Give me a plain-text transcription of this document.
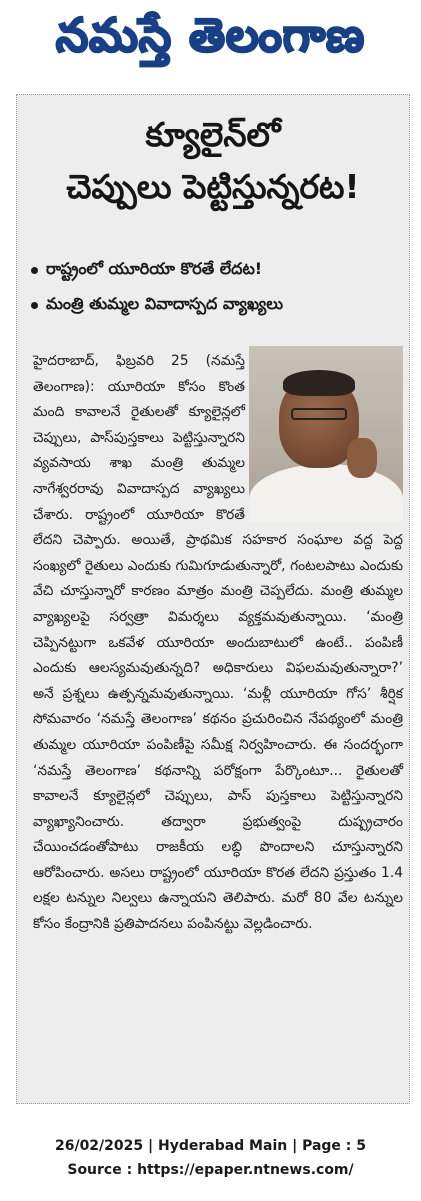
నమస్తే తెలంగాణ
క్యూలైన్‌లో
చెప్పులు పెట్టిస్తున్నరట!
రాష్ట్రంలో యూరియా కొరతే లేదట!
మంత్రి తుమ్మల వివాదాస్పద వ్యాఖ్యలు

హైదరాబాద్, ఫిబ్రవరి 25 (నమస్తే తెలంగాణ): యూరియా కోసం కొంత మంది కావాలనే రైతులతో క్యూలైన్లలో చెప్పులు, పాస్‌పుస్తకాలు పెట్టిస్తున్నారని వ్యవసాయ శాఖ మంత్రి తుమ్మల నాగేశ్వరరావు వివాదాస్పద వ్యాఖ్యలు చేశారు. రాష్ట్రంలో యూరియా కొరతే లేదని చెప్పారు. అయితే, ప్రాథమిక సహకార సంఘాల వద్ద పెద్ద సంఖ్యలో రైతులు ఎందుకు గుమిగూడుతున్నారో, గంటలపాటు ఎందుకు వేచి చూస్తున్నారో కారణం మాత్రం మంత్రి చెప్పలేదు. మంత్రి తుమ్మల వ్యాఖ్యలపై సర్వత్రా విమర్శలు వ్యక్తమవుతున్నాయి. ‘మంత్రి చెప్పినట్టుగా ఒకవేళ యూరియా అందుబాటులో ఉంటే.. పంపిణీ ఎందుకు ఆలస్యమవుతున్నది? అధికారులు విఫలమవుతున్నారా?’ అనే ప్రశ్నలు ఉత్పన్నమవుతున్నాయి. ‘మళ్లీ యూరియా గోస’ శీర్షిక సోమవారం ‘నమస్తే తెలంగాణ’ కథనం ప్రచురించిన నేపథ్యంలో మంత్రి తుమ్మల యూరియా పంపిణీపై సమీక్ష నిర్వహించారు. ఈ సందర్భంగా ‘నమస్తే తెలంగాణ’ కథనాన్ని పరోక్షంగా పేర్కొంటూ... రైతులతో కావాలనే క్యూలైన్లలో చెప్పులు, పాస్ పుస్తకాలు పెట్టిస్తున్నారని వ్యాఖ్యానించారు. తద్వారా ప్రభుత్వంపై దుష్ప్రచారం చేయించడంతోపాటు రాజకీయ లబ్ధి పొందాలని చూస్తున్నారని ఆరోపించారు. అసలు రాష్ట్రంలో యూరియా కొరత లేదని ప్రస్తుతం 1.4 లక్షల టన్నుల నిల్వలు ఉన్నాయని తెలిపారు. మరో 80 వేల టన్నుల కోసం కేంద్రానికి ప్రతిపాదనలు పంపినట్టు వెల్లడించారు.

26/02/2025 | Hyderabad Main | Page : 5
Source : https://epaper.ntnews.com/
